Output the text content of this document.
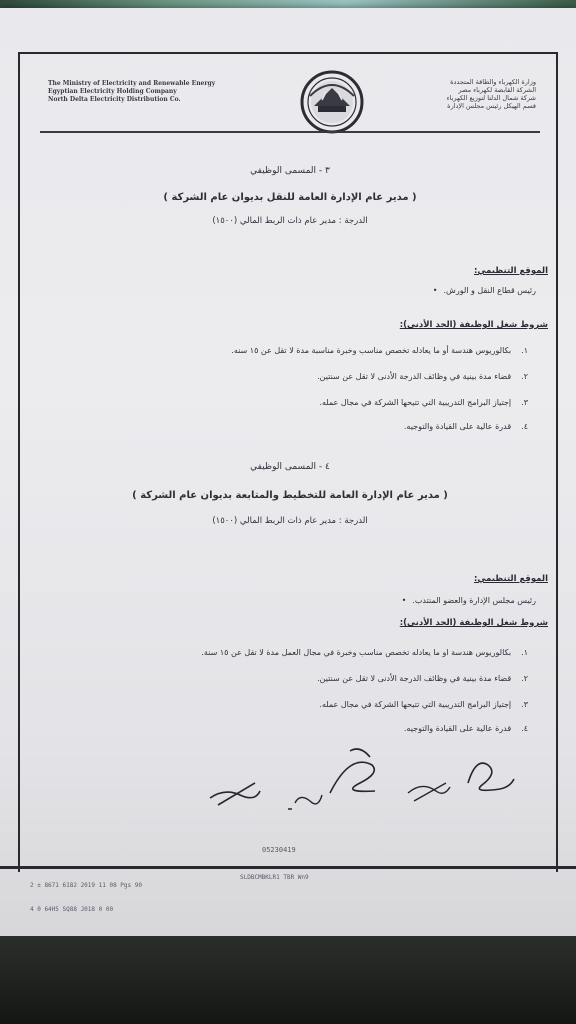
The Ministry of Electricity and Renewable Energy
Egyptian Electricity Holding Company
North Delta Electricity Distribution Co.
وزارة الكهرباء والطاقة المتجددة
الشركة القابضة لكهرباء مصر
شركة شمال الدلتا لتوزيع الكهرباء
قسم الهيكل رئيس مجلس الإدارة
٣ - المسمى الوظيفي
( مدير عام الإدارة العامة للنقل بديوان عام الشركة )
الدرجة : مدير عام ذات الربط المالي (١٥٠٠)
الموقع التنظيمي:
رئيس قطاع النقل و الورش. •
شروط شغل الوظيفة (الحد الأدنى):
١.بكالوريوس هندسة أو ما يعادله تخصص مناسب وخبرة مناسبة مدة لا تقل عن ١٥ سنه.
٢.قضاء مدة بينية في وظائف الدرجة الأدنى لا تقل عن سنتين.
٣.إجتياز البرامج التدريبية التي تتيحها الشركة في مجال عمله.
٤.قدرة عالية على القيادة والتوجيه.
٤ - المسمى الوظيفي
( مدير عام الإدارة العامة للتخطيط والمتابعة بديوان عام الشركة )
الدرجة : مدير عام ذات الربط المالي (١٥٠٠)
الموقع التنظيمي:
رئيس مجلس الإدارة والعضو المنتدب. •
شروط شغل الوظيفة (الحد الأدنى):
١.بكالوريوس هندسة او ما يعادله تخصص مناسب وخبرة في مجال العمل مدة لا تقل عن ١٥ سنة.
٢.قضاء مدة بينية في وظائف الدرجة الأدنى لا تقل عن سنتين.
٣.إجتياز البرامج التدريبية التي تتيحها الشركة في مجال عمله.
٤.قدرة عالية على القيادة والتوجيه.
05230419
2 ± 8671 6182 2019 11 08 Pgs 90
SLDBCMBKLR1 TBR Wn9
4 0 64H5 SQ88 J018 0 00
